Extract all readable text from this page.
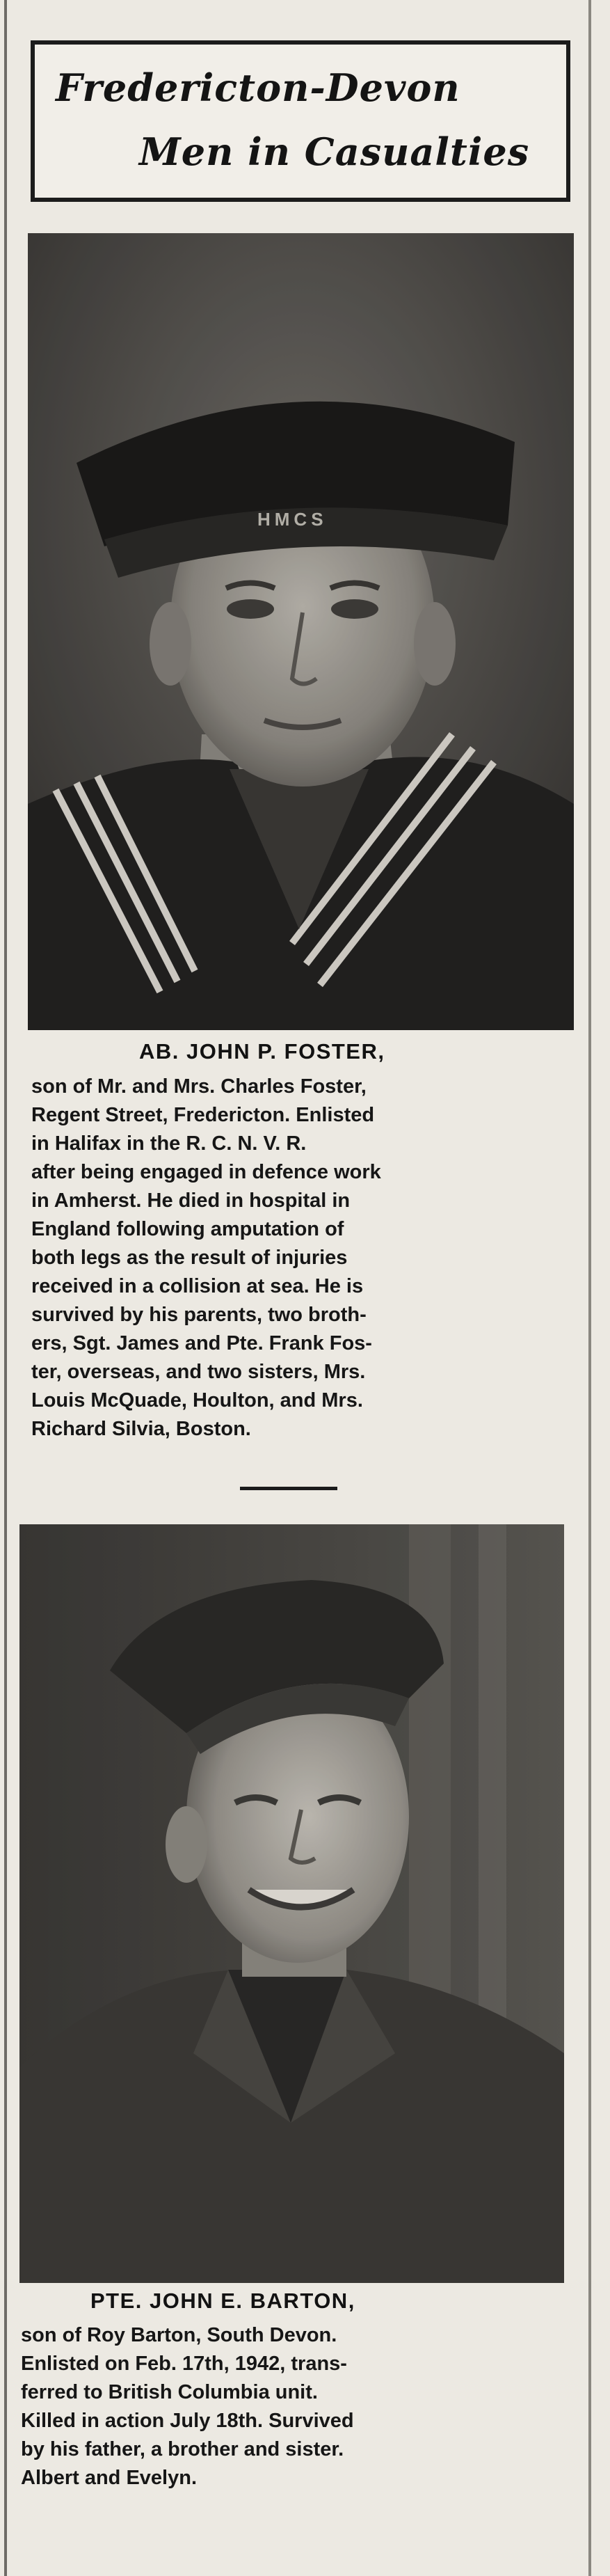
Fredericton-Devon
Men in Casualties
HMCS
AB. JOHN P. FOSTER,
son of Mr. and Mrs. Charles Foster,
Regent Street, Fredericton. Enlisted
in Halifax in the R. C. N. V. R.
after being engaged in defence work
in Amherst. He died in hospital in
England following amputation of
both legs as the result of injuries
received in a collision at sea. He is
survived by his parents, two broth-
ers, Sgt. James and Pte. Frank Fos-
ter, overseas, and two sisters, Mrs.
Louis McQuade, Houlton, and Mrs.
Richard Silvia, Boston.
PTE. JOHN E. BARTON,
son of Roy Barton, South Devon.
Enlisted on Feb. 17th, 1942, trans-
ferred to British Columbia unit.
Killed in action July 18th. Survived
by his father, a brother and sister.
Albert and Evelyn.
